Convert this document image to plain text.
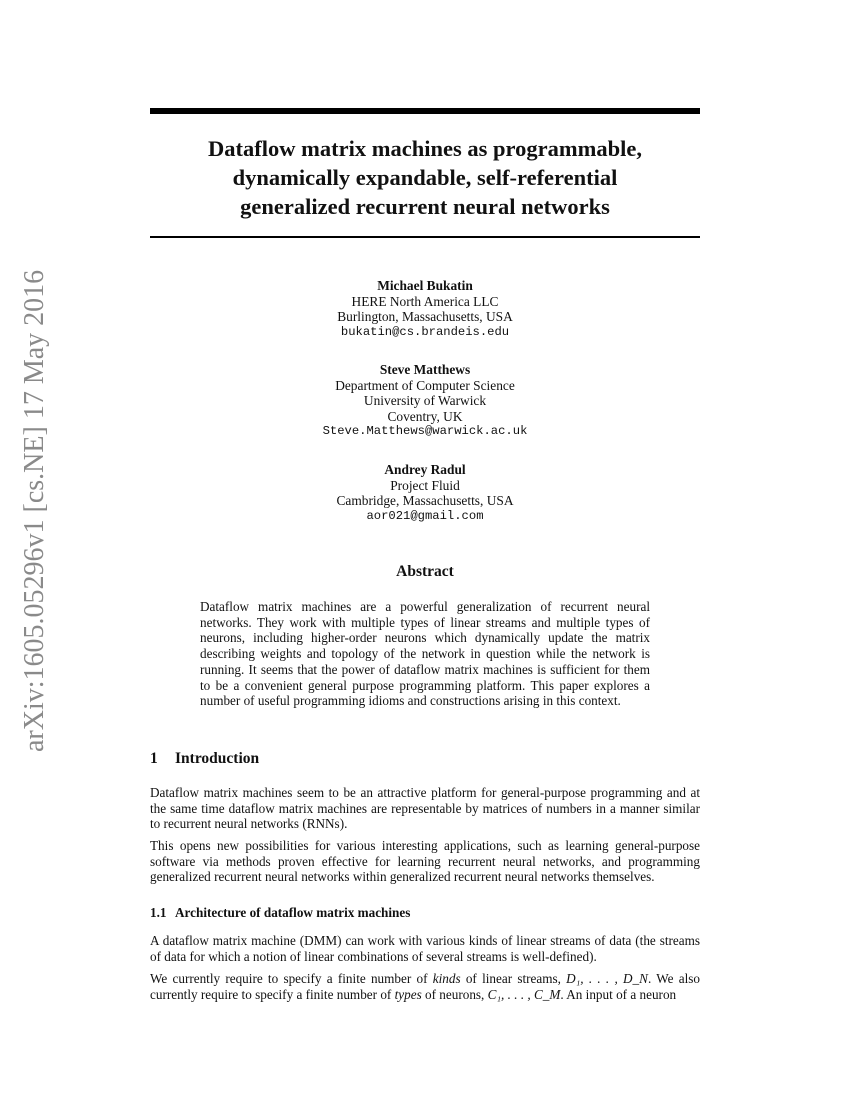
arXiv:1605.05296v1 [cs.NE] 17 May 2016
Dataflow matrix machines as programmable,
dynamically expandable, self-referential
generalized recurrent neural networks
Michael Bukatin
HERE North America LLC
Burlington, Massachusetts, USA
bukatin@cs.brandeis.edu
Steve Matthews
Department of Computer Science
University of Warwick
Coventry, UK
Steve.Matthews@warwick.ac.uk
Andrey Radul
Project Fluid
Cambridge, Massachusetts, USA
aor021@gmail.com
Abstract

Dataflow matrix machines are a powerful generalization of recurrent neural networks. They work with multiple types of linear streams and multiple types of neurons, including higher-order neurons which dynamically update the matrix describing weights and topology of the network in question while the network is running. It seems that the power of dataflow matrix machines is sufficient for them to be a convenient general purpose programming platform. This paper explores a number of useful programming idioms and constructions arising in this context.

1 Introduction

Dataflow matrix machines seem to be an attractive platform for general-purpose programming and at the same time dataflow matrix machines are representable by matrices of numbers in a manner similar to recurrent neural networks (RNNs).

This opens new possibilities for various interesting applications, such as learning general-purpose software via methods proven effective for learning recurrent neural networks, and programming generalized recurrent neural networks within generalized recurrent neural networks themselves.

1.1 Architecture of dataflow matrix machines

A dataflow matrix machine (DMM) can work with various kinds of linear streams of data (the streams of data for which a notion of linear combinations of several streams is well-defined).

We currently require to specify a finite number of kinds of linear streams, D₁, . . . , D_N. We also currently require to specify a finite number of types of neurons, C₁, . . . , C_M. An input of a neuron
